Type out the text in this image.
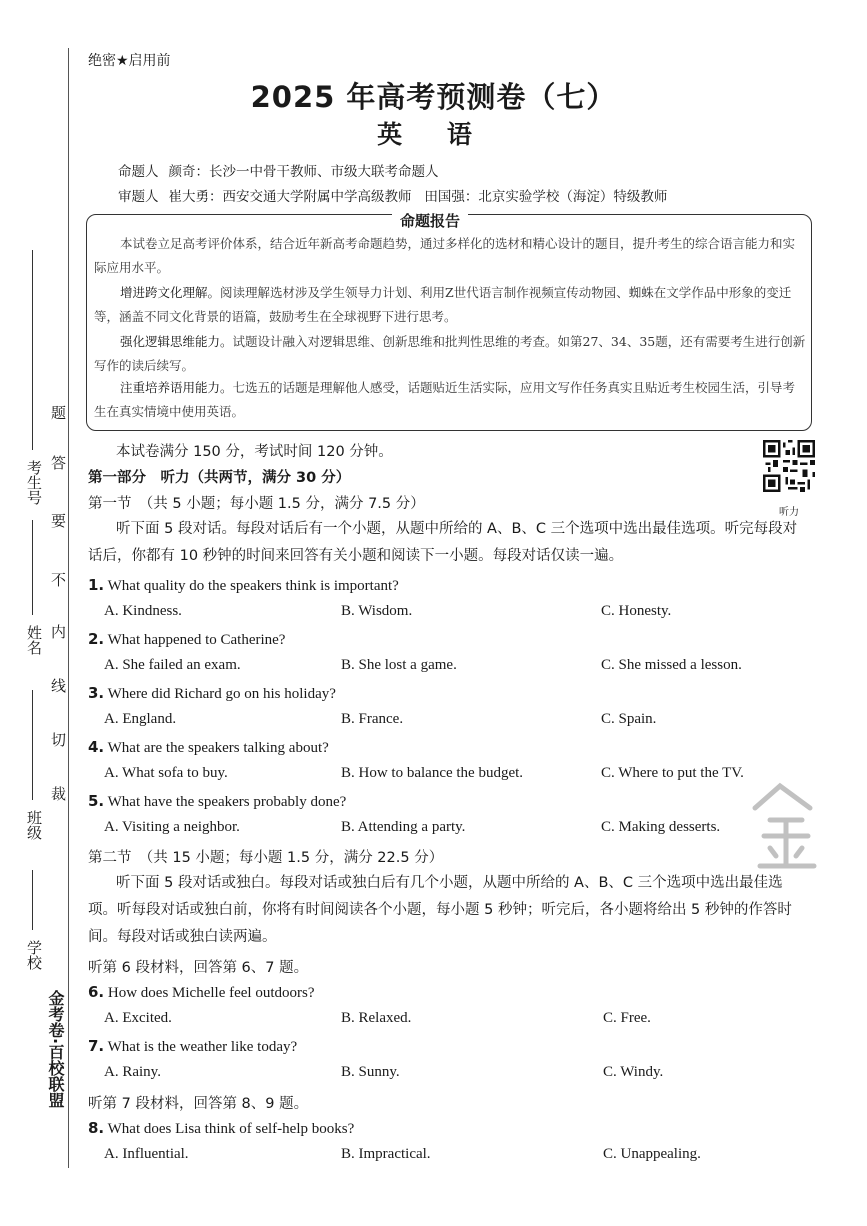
考生号
姓名
班级
学校
金考卷·百校联盟
题
答
要
不
内
线
切
裁
绝密★启用前
2025 年高考预测卷（七）
英 语
命题人 颜奇：长沙一中骨干教师、市级大联考命题人
审题人 崔大勇：西安交通大学附属中学高级教师   田国强：北京实验学校（海淀）特级教师
命题报告
本试卷立足高考评价体系，结合近年新高考命题趋势，通过多样化的选材和精心设计的题目，提升考生的综合语言能力和实际应用水平。
增进跨文化理解。阅读理解选材涉及学生领导力计划、利用Z世代语言制作视频宣传动物园、蜘蛛在文学作品中形象的变迁等，涵盖不同文化背景的语篇，鼓励考生在全球视野下进行思考。
强化逻辑思维能力。试题设计融入对逻辑思维、创新思维和批判性思维的考查。如第27、34、35题，还有需要考生进行创新写作的读后续写。
注重培养语用能力。七选五的话题是理解他人感受，话题贴近生活实际，应用文写作任务真实且贴近考生校园生活，引导考生在真实情境中使用英语。
本试卷满分 150 分，考试时间 120 分钟。
听力
第一部分　听力（共两节，满分 30 分）
第一节　（共 5 小题；每小题 1.5 分，满分 7.5 分）
听下面 5 段对话。每段对话后有一个小题，从题中所给的 A、B、C 三个选项中选出最佳选项。听完每段对话后，你都有 10 秒钟的时间来回答有关小题和阅读下一小题。每段对话仅读一遍。
1. What quality do the speakers think is important?
A. Kindness.	B. Wisdom.	C. Honesty.
2. What happened to Catherine?
A. She failed an exam.	B. She lost a game.	C. She missed a lesson.
3. Where did Richard go on his holiday?
A. England.	B. France.	C. Spain.
4. What are the speakers talking about?
A. What sofa to buy.	B. How to balance the budget.	C. Where to put the TV.
5. What have the speakers probably done?
A. Visiting a neighbor.	B. Attending a party.	C. Making desserts.
第二节　（共 15 小题；每小题 1.5 分，满分 22.5 分）
听下面 5 段对话或独白。每段对话或独白后有几个小题，从题中所给的 A、B、C 三个选项中选出最佳选项。听每段对话或独白前，你将有时间阅读各个小题，每小题 5 秒钟；听完后，各小题将给出 5 秒钟的作答时间。每段对话或独白读两遍。
听第 6 段材料，回答第 6、7 题。
6. How does Michelle feel outdoors?
A. Excited.	B. Relaxed.	C. Free.
7. What is the weather like today?
A. Rainy.	B. Sunny.	C. Windy.
听第 7 段材料，回答第 8、9 题。
8. What does Lisa think of self-help books?
A. Influential.	B. Impractical.	C. Unappealing.
